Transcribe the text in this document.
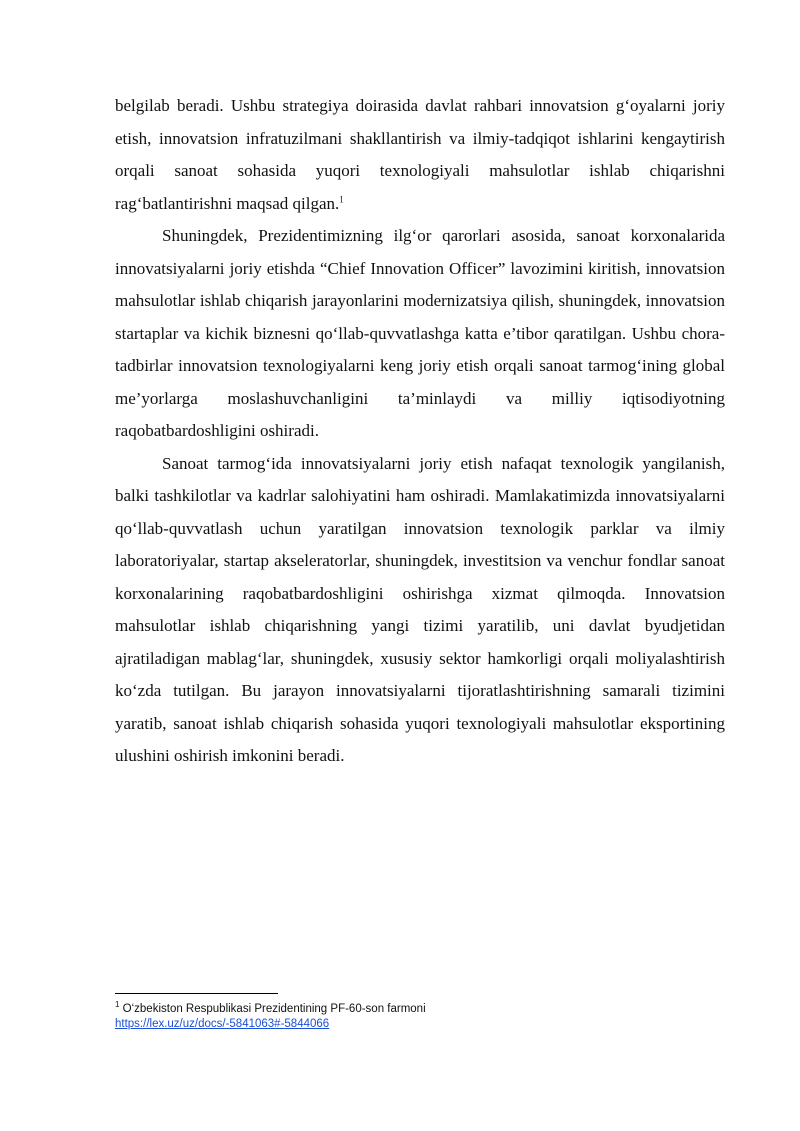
belgilab beradi. Ushbu strategiya doirasida davlat rahbari innovatsion g‘oyalarni joriy etish, innovatsion infratuzilmani shakllantirish va ilmiy-tadqiqot ishlarini kengaytirish orqali sanoat sohasida yuqori texnologiyali mahsulotlar ishlab chiqarishni rag‘batlantirishni maqsad qilgan.$^1$

Shuningdek, Prezidentimizning ilg‘or qarorlari asosida, sanoat korxonalarida innovatsiyalarni joriy etishda “Chief Innovation Officer” lavozimini kiritish, innovatsion mahsulotlar ishlab chiqarish jarayonlarini modernizatsiya qilish, shuningdek, innovatsion startaplar va kichik biznesni qo‘llab-quvvatlashga katta e’tibor qaratilgan. Ushbu chora-tadbirlar innovatsion texnologiyalarni keng joriy etish orqali sanoat tarmog‘ining global me’yorlarga moslashuvchanligini ta’minlaydi va milliy iqtisodiyotning raqobatbardoshligini oshiradi.

Sanoat tarmog‘ida innovatsiyalarni joriy etish nafaqat texnologik yangilanish, balki tashkilotlar va kadrlar salohiyatini ham oshiradi. Mamlakatimizda innovatsiyalarni qo‘llab-quvvatlash uchun yaratilgan innovatsion texnologik parklar va ilmiy laboratoriyalar, startap akseleratorlar, shuningdek, investitsion va venchur fondlar sanoat korxonalarining raqobatbardoshligini oshirishga xizmat qilmoqda. Innovatsion mahsulotlar ishlab chiqarishning yangi tizimi yaratilib, uni davlat byudjetidan ajratiladigan mablag‘lar, shuningdek, xususiy sektor hamkorligi orqali moliyalashtirish ko‘zda tutilgan. Bu jarayon innovatsiyalarni tijoratlashtirishning samarali tizimini yaratib, sanoat ishlab chiqarish sohasida yuqori texnologiyali mahsulotlar eksportining ulushini oshirish imkonini beradi.

$^1$ O‘zbekiston Respublikasi Prezidentining PF-60-son farmoni
https://lex.uz/uz/docs/-5841063#-5844066
